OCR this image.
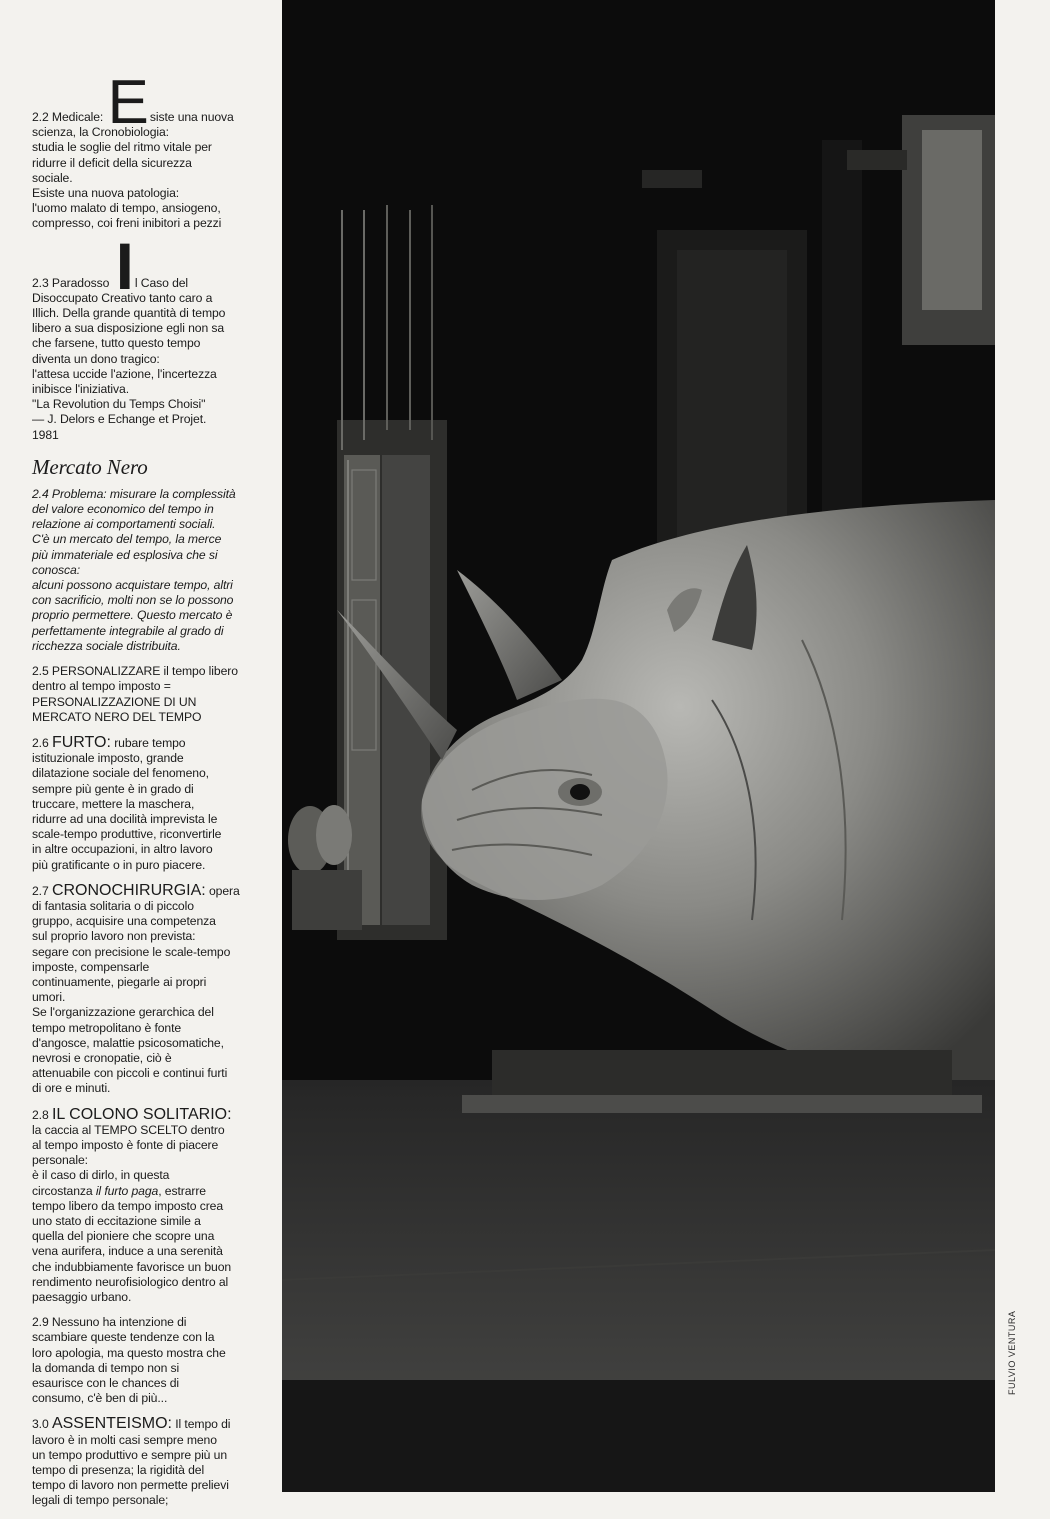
2.2 Medicale: E siste una nuova

scienza, la Cronobiologia:

studia le soglie del ritmo vitale per

ridurre il deficit della sicurezza

sociale.

Esiste una nuova patologia:

l'uomo malato di tempo, ansiogeno,

compresso, coi freni inibitori a pezzi

2.3 Paradosso Il Caso del

Disoccupato Creativo tanto caro a

Illich. Della grande quantità di tempo

libero a sua disposizione egli non sa

che farsene, tutto questo tempo

diventa un dono tragico:

l'attesa uccide l'azione, l'incertezza

inibisce l'iniziativa.

"La Revolution du Temps Choisi"

— J. Delors e Echange et Projet.

1981

Mercato Nero

2.4 Problema: misurare la complessità

del valore economico del tempo in

relazione ai comportamenti sociali.

C'è un mercato del tempo, la merce

più immateriale ed esplosiva che si

conosca:

alcuni possono acquistare tempo, altri

con sacrificio, molti non se lo possono

proprio permettere. Questo mercato è

perfettamente integrabile al grado di

ricchezza sociale distribuita.

2.5 PERSONALIZZARE il tempo libero

dentro al tempo imposto =

PERSONALIZZAZIONE DI UN

MERCATO NERO DEL TEMPO

2.6 FURTO: rubare tempo

istituzionale imposto, grande

dilatazione sociale del fenomeno,

sempre più gente è in grado di

truccare, mettere la maschera,

ridurre ad una docilità imprevista le

scale-tempo produttive, riconvertirle

in altre occupazioni, in altro lavoro

più gratificante o in puro piacere.

2.7 CRONOCHIRURGIA: opera

di fantasia solitaria o di piccolo

gruppo, acquisire una competenza

sul proprio lavoro non prevista:

segare con precisione le scale-tempo

imposte, compensarle

continuamente, piegarle ai propri

umori.

Se l'organizzazione gerarchica del

tempo metropolitano è fonte

d'angosce, malattie psicosomatiche,

nevrosi e cronopatie, ciò è

attenuabile con piccoli e continui furti

di ore e minuti.

2.8 IL COLONO SOLITARIO:

la caccia al TEMPO SCELTO dentro

al tempo imposto è fonte di piacere

personale:

è il caso di dirlo, in questa

circostanza il furto paga, estrarre

tempo libero da tempo imposto crea

uno stato di eccitazione simile a

quella del pioniere che scopre una

vena aurifera, induce a una serenità

che indubbiamente favorisce un buon

rendimento neurofisiologico dentro al

paesaggio urbano.

2.9 Nessuno ha intenzione di

scambiare queste tendenze con la

loro apologia, ma questo mostra che

la domanda di tempo non si

esaurisce con le chances di

consumo, c'è ben di più...

3.0 ASSENTEISMO: Il tempo di

lavoro è in molti casi sempre meno

un tempo produttivo e sempre più un

tempo di presenza; la rigidità del

tempo di lavoro non permette prelievi

legali di tempo personale;

FULVIO VENTURA
